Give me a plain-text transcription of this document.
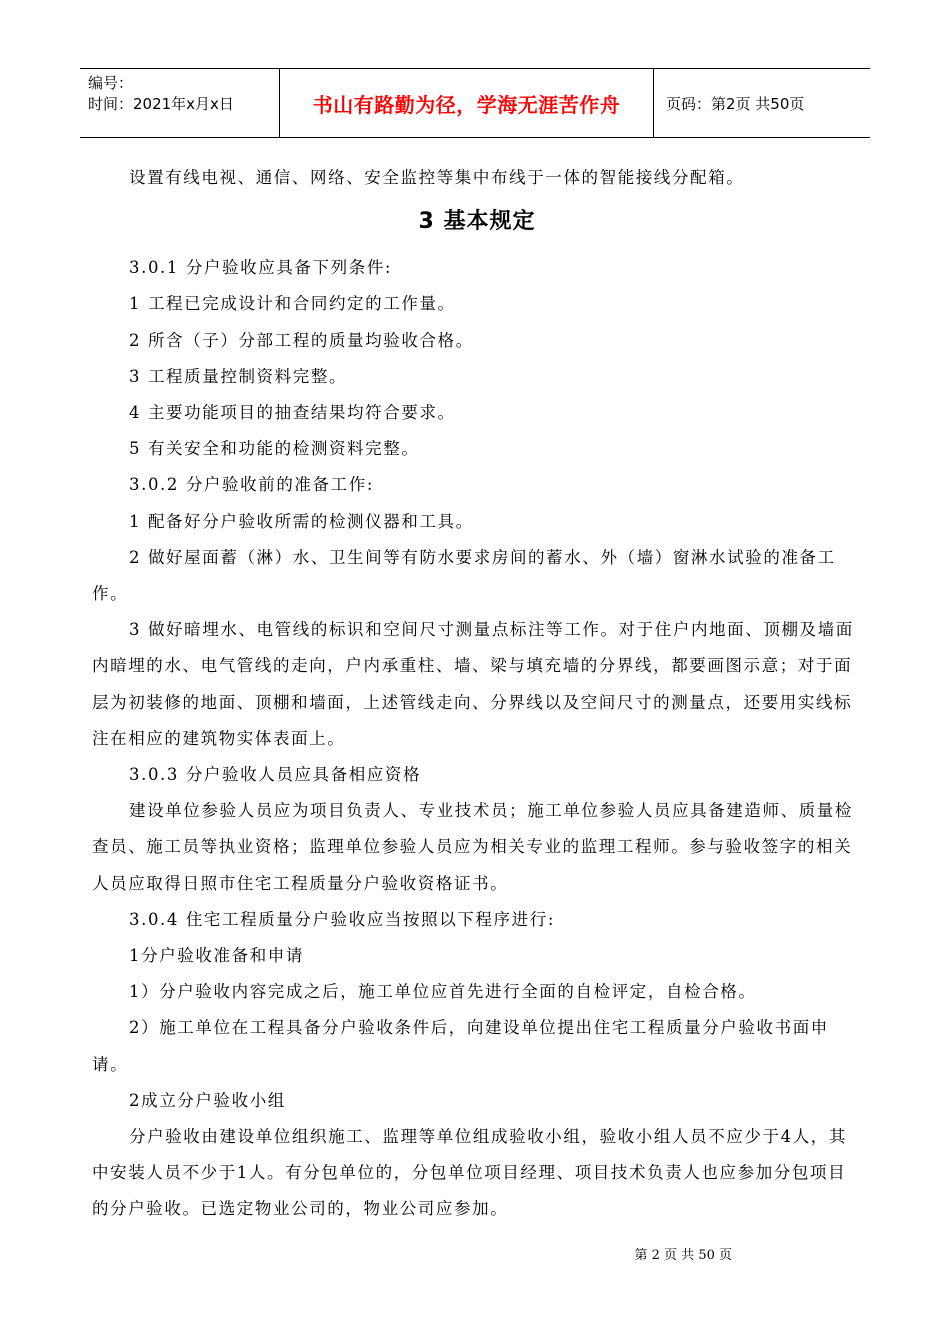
编号：
时间：2021年x月x日	书山有路勤为径，学海无涯苦作舟	页码：第2页 共50页

设置有线电视、通信、网络、安全监控等集中布线于一体的智能接线分配箱。

3 基本规定

3.0.1 分户验收应具备下列条件:

1 工程已完成设计和合同约定的工作量。

2 所含（子）分部工程的质量均验收合格。

3 工程质量控制资料完整。

4 主要功能项目的抽查结果均符合要求。

5 有关安全和功能的检测资料完整。

3.0.2 分户验收前的准备工作:

1 配备好分户验收所需的检测仪器和工具。

2 做好屋面蓄（淋）水、卫生间等有防水要求房间的蓄水、外（墙）窗淋水试验的准备工作。

3 做好暗埋水、电管线的标识和空间尺寸测量点标注等工作。对于住户内地面、顶棚及墙面内暗埋的水、电气管线的走向，户内承重柱、墙、梁与填充墙的分界线，都要画图示意；对于面层为初装修的地面、顶棚和墙面，上述管线走向、分界线以及空间尺寸的测量点，还要用实线标注在相应的建筑物实体表面上。

3.0.3 分户验收人员应具备相应资格

建设单位参验人员应为项目负责人、专业技术员；施工单位参验人员应具备建造师、质量检查员、施工员等执业资格；监理单位参验人员应为相关专业的监理工程师。参与验收签字的相关人员应取得日照市住宅工程质量分户验收资格证书。

3.0.4 住宅工程质量分户验收应当按照以下程序进行:

1分户验收准备和申请

1）分户验收内容完成之后，施工单位应首先进行全面的自检评定，自检合格。

2）施工单位在工程具备分户验收条件后，向建设单位提出住宅工程质量分户验收书面申请。

2成立分户验收小组

分户验收由建设单位组织施工、监理等单位组成验收小组，验收小组人员不应少于4人，其中安装人员不少于1人。有分包单位的，分包单位项目经理、项目技术负责人也应参加分包项目的分户验收。已选定物业公司的，物业公司应参加。

第 2 页 共 50 页
